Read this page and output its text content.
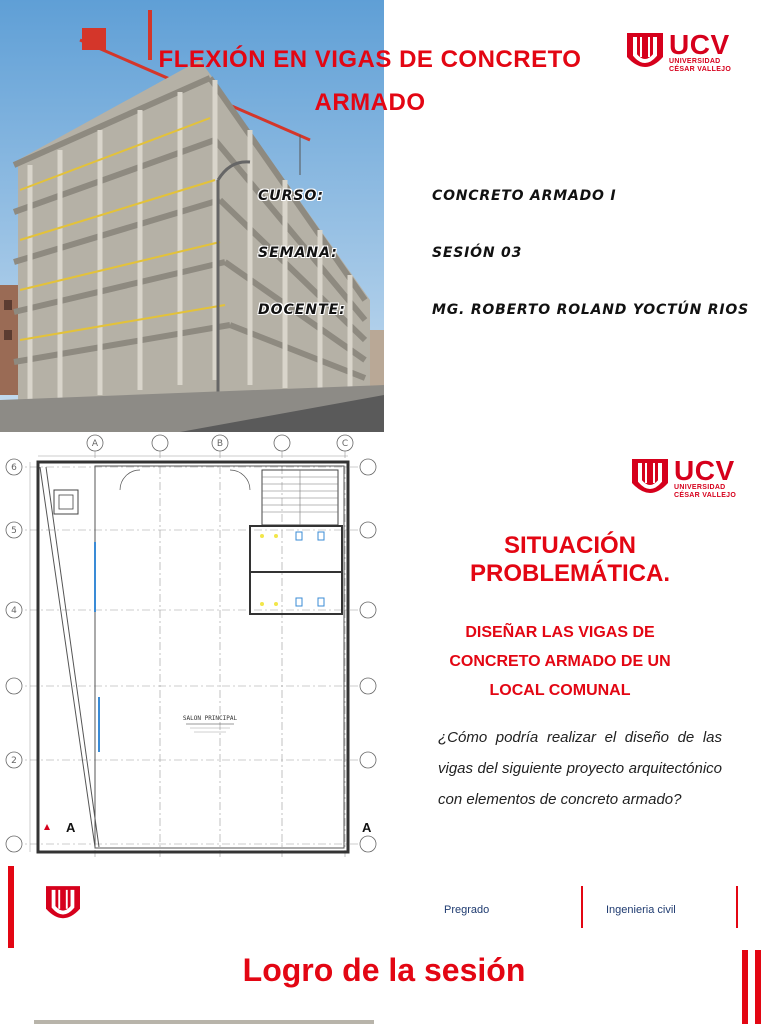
FLEXIÓN EN VIGAS DE CONCRETO
ARMADO
UCV
UNIVERSIDAD
CÉSAR VALLEJO
CURSO:	CONCRETO ARMADO I
SEMANA:	SESIÓN 03
DOCENTE:	MG. ROBERTO ROLAND YOCTÚN RIOS
A	B	C
6
5
4
2
SALON PRINCIPAL
A	A
UCV
UNIVERSIDAD
CÉSAR VALLEJO
SITUACIÓN
PROBLEMÁTICA.
DISEÑAR LAS VIGAS DE
CONCRETO ARMADO DE UN
LOCAL COMUNAL

¿Cómo podría realizar el diseño de las vigas del siguiente proyecto arquitectónico con elementos de concreto armado?

Pregrado	Ingenieria civil
Logro de la sesión
